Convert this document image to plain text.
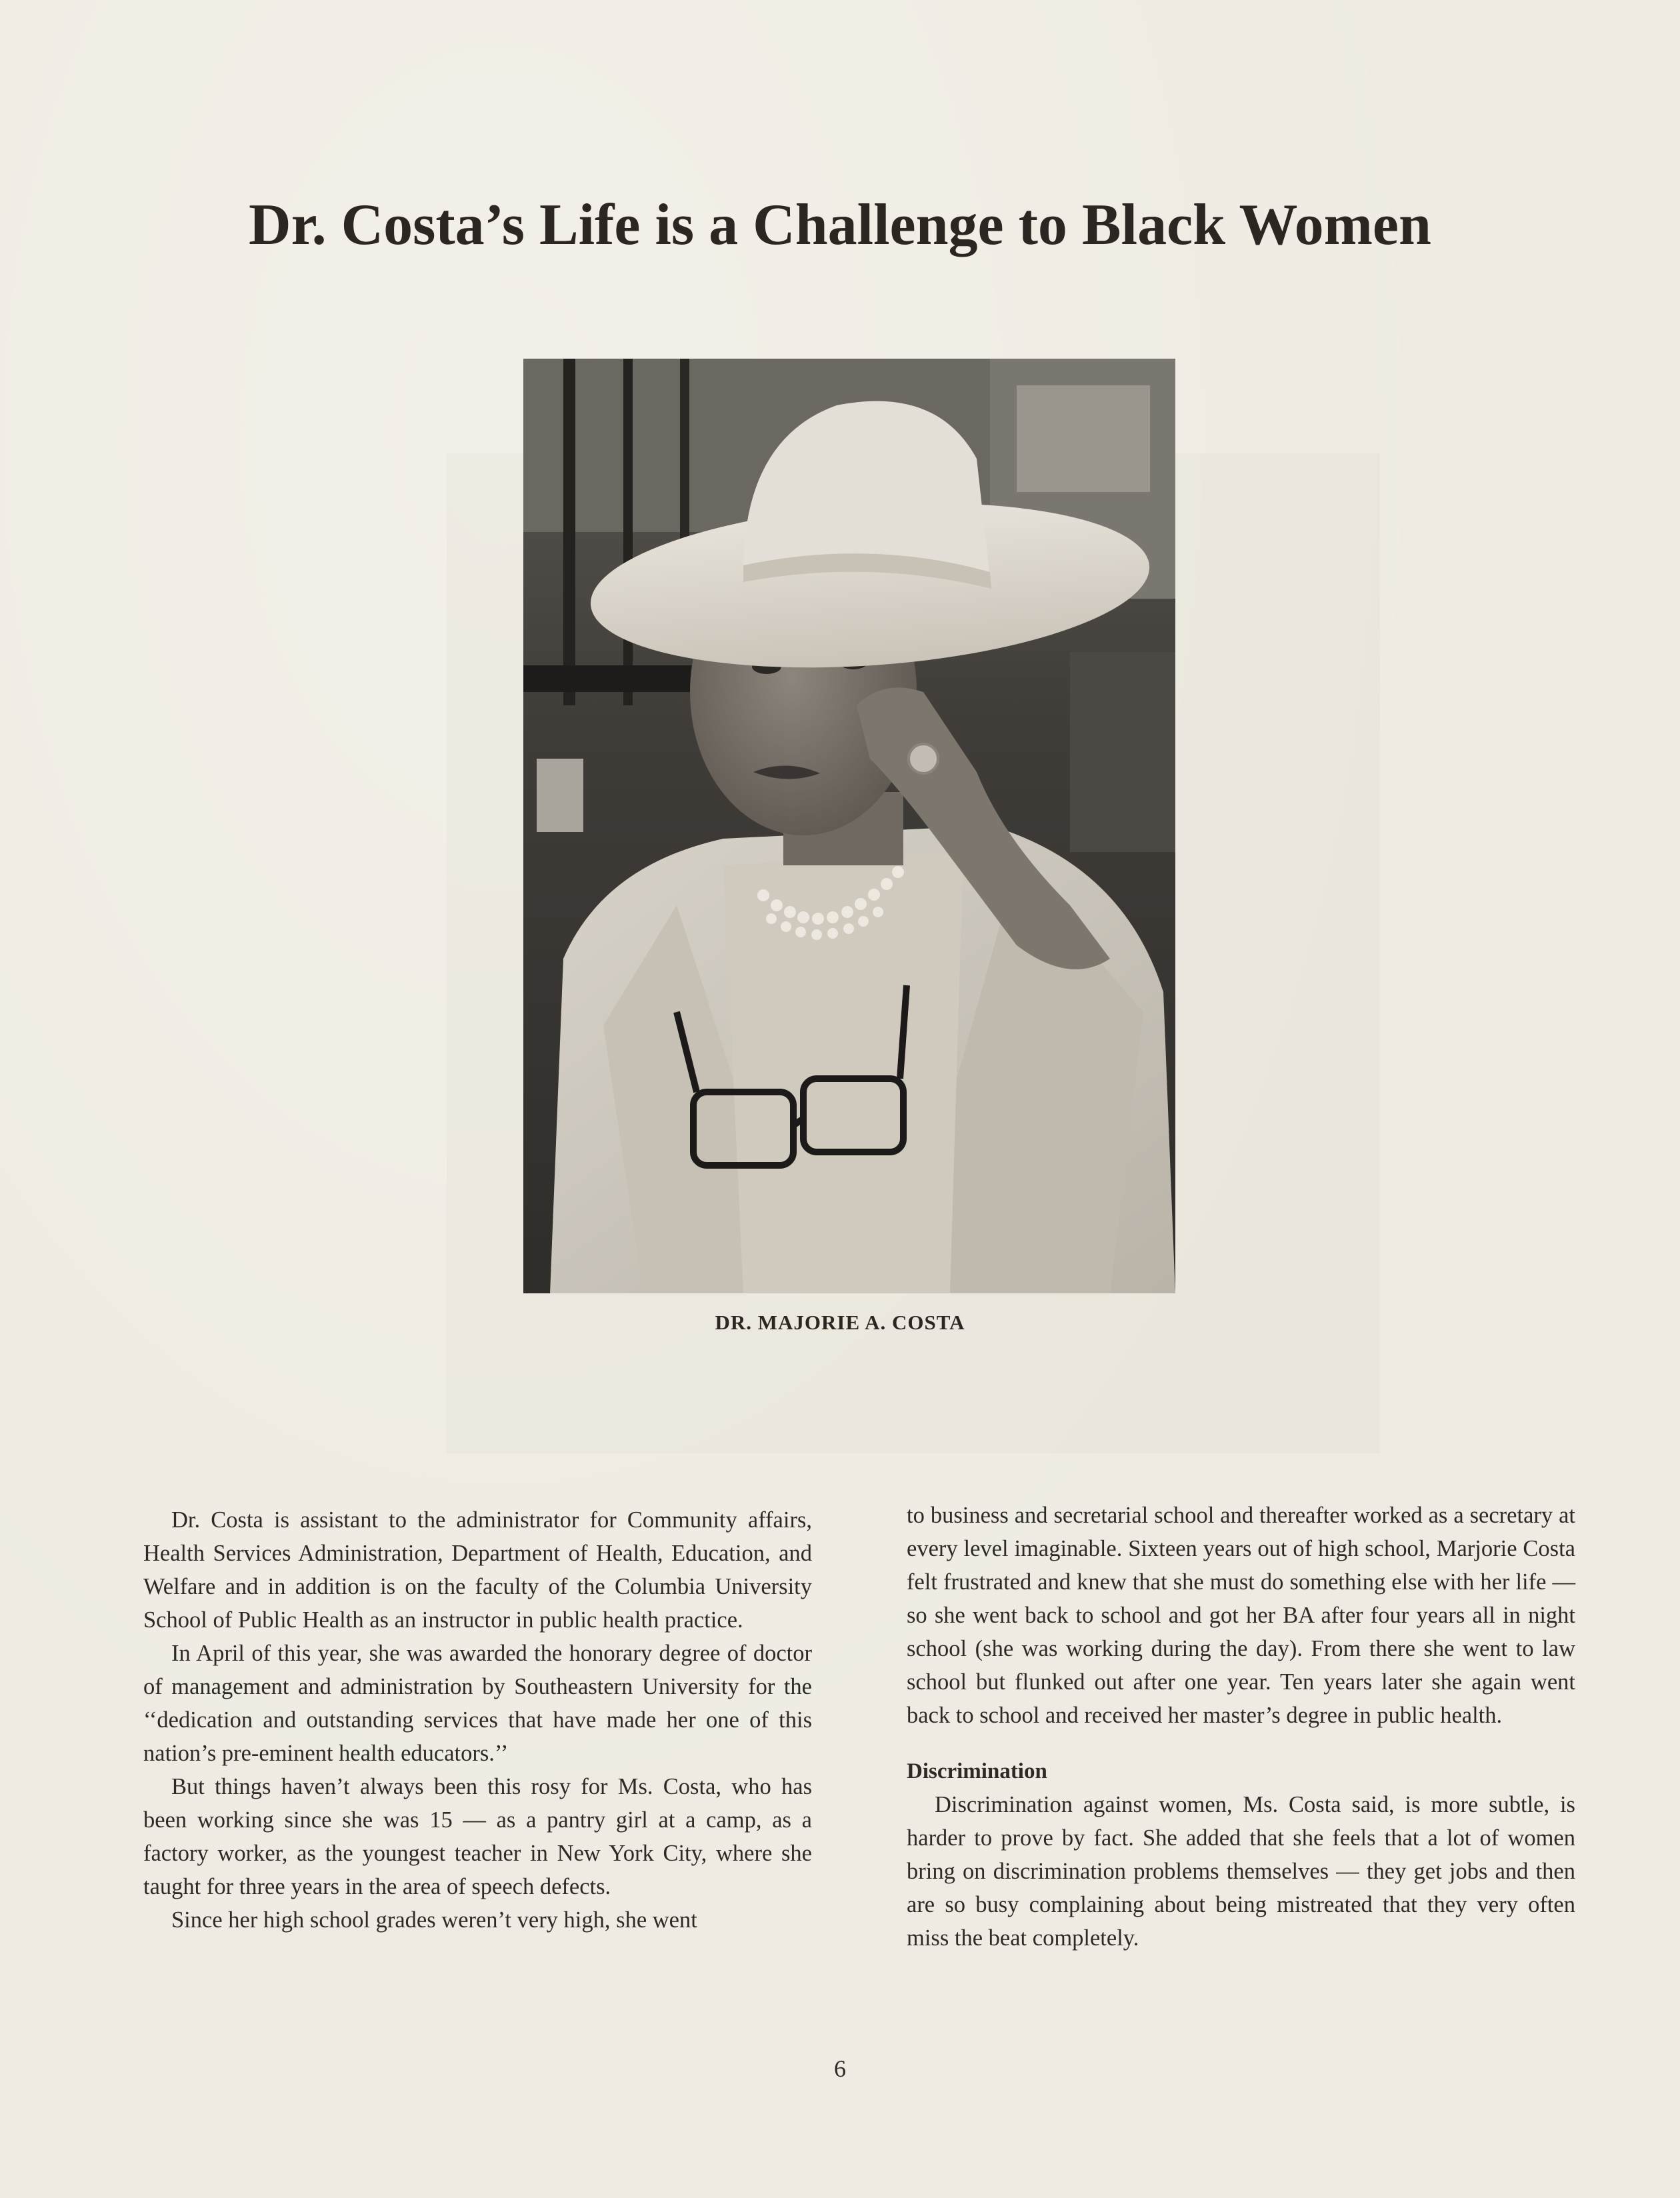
Dr. Costa’s Life is a Challenge to Black Women
DR. MAJORIE A. COSTA

Dr. Costa is assistant to the administrator for Community affairs, Health Services Administration, Department of Health, Education, and Welfare and in addition is on the faculty of the Columbia University School of Public Health as an instructor in public health practice.

In April of this year, she was awarded the honorary degree of doctor of management and administration by Southeastern University for the ‘‘dedication and outstanding services that have made her one of this nation’s pre-eminent health educators.’’

But things haven’t always been this rosy for Ms. Costa, who has been working since she was 15 — as a pantry girl at a camp, as a factory worker, as the youngest teacher in New York City, where she taught for three years in the area of speech defects.

Since her high school grades weren’t very high, she went

to business and secretarial school and thereafter worked as a secretary at every level imaginable. Sixteen years out of high school, Marjorie Costa felt frustrated and knew that she must do something else with her life — so she went back to school and got her BA after four years all in night school (she was working during the day). From there she went to law school but flunked out after one year. Ten years later she again went back to school and received her master’s degree in public health.

Discrimination

Discrimination against women, Ms. Costa said, is more subtle, is harder to prove by fact. She added that she feels that a lot of women bring on discrimination problems themselves — they get jobs and then are so busy complaining about being mistreated that they very often miss the beat completely.

6
